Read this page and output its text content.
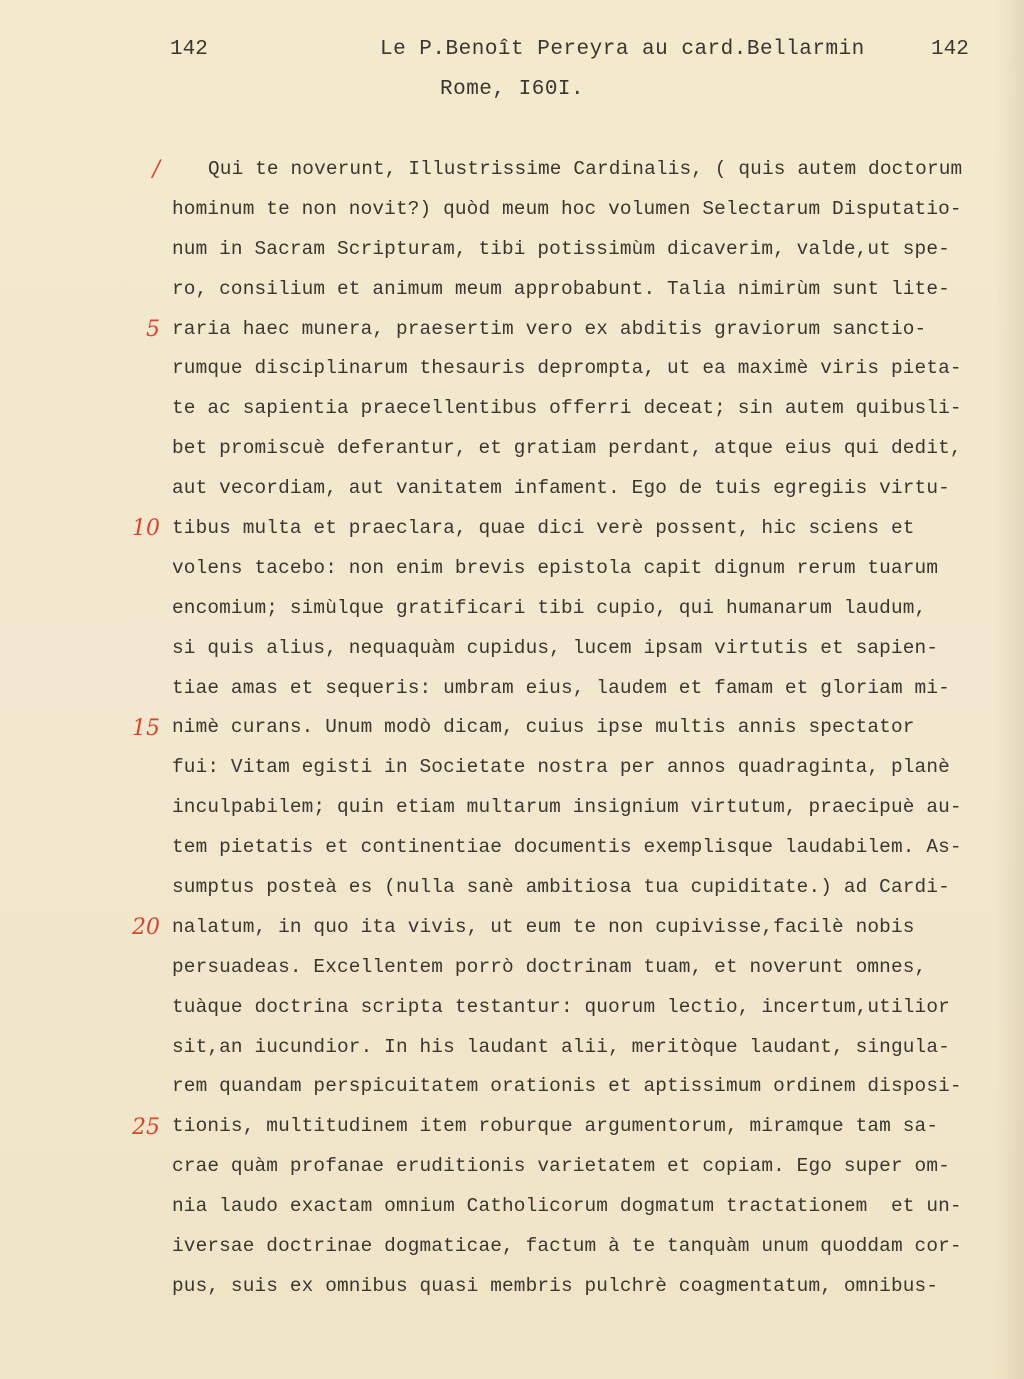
142	Le P.Benoît Pereyra au card.Bellarmin	142
Rome, I60I.
/
5
10
15
20
25
Qui te noverunt, Illustrissime Cardinalis, ( quis autem doctorum
hominum te non novit?) quòd meum hoc volumen Selectarum Disputatio-
num in Sacram Scripturam, tibi potissimùm dicaverim, valde,ut spe-
ro, consilium et animum meum approbabunt. Talia nimirùm sunt lite-
raria haec munera, praesertim vero ex abditis graviorum sanctio-
rumque disciplinarum thesauris deprompta, ut ea maximè viris pieta-
te ac sapientia praecellentibus offerri deceat; sin autem quibusli-
bet promiscuè deferantur, et gratiam perdant, atque eius qui dedit,
aut vecordiam, aut vanitatem infament. Ego de tuis egregiis virtu-
tibus multa et praeclara, quae dici verè possent, hic sciens et
volens tacebo: non enim brevis epistola capit dignum rerum tuarum
encomium; simùlque gratificari tibi cupio, qui humanarum laudum,
si quis alius, nequaquàm cupidus, lucem ipsam virtutis et sapien-
tiae amas et sequeris: umbram eius, laudem et famam et gloriam mi-
nimè curans. Unum modò dicam, cuius ipse multis annis spectator
fui: Vitam egisti in Societate nostra per annos quadraginta, planè
inculpabilem; quin etiam multarum insignium virtutum, praecipuè au-
tem pietatis et continentiae documentis exemplisque laudabilem. As-
sumptus posteà es (nulla sanè ambitiosa tua cupiditate.) ad Cardi-
nalatum, in quo ita vivis, ut eum te non cupivisse,facilè nobis
persuadeas. Excellentem porrò doctrinam tuam, et noverunt omnes,
tuàque doctrina scripta testantur: quorum lectio, incertum,utilior
sit,an iucundior. In his laudant alii, meritòque laudant, singula-
rem quandam perspicuitatem orationis et aptissimum ordinem disposi-
tionis, multitudinem item roburque argumentorum, miramque tam sa-
crae quàm profanae eruditionis varietatem et copiam. Ego super om-
nia laudo exactam omnium Catholicorum dogmatum tractationem  et un-
iversae doctrinae dogmaticae, factum à te tanquàm unum quoddam cor-
pus, suis ex omnibus quasi membris pulchrè coagmentatum, omnibus-
